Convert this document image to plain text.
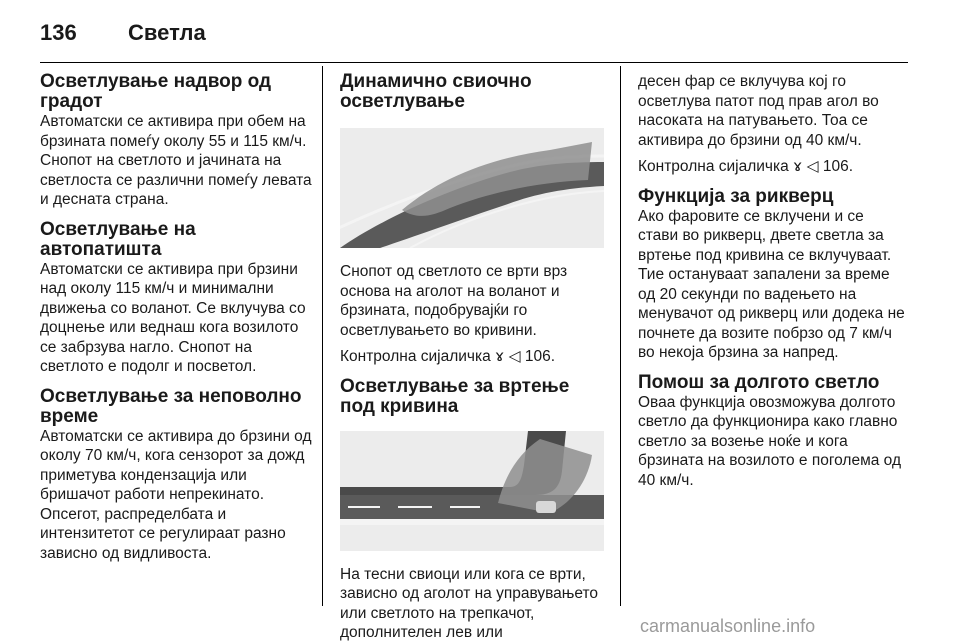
136 Светла
Осветлување надвор од градот

Автоматски се активира при обем на брзината помеѓу околу 55 и 115 км/ч. Снопот на светлото и јачината на светлоста се различни помеѓу левата и десната страна.

Осветлување на автопатишта

Автоматски се активира при брзини над околу 115 км/ч и минимални движења со воланот. Се вклучува со доцнење или веднаш кога возилото се забрзува нагло. Снопот на светлото е подолг и посветол.

Осветлување за неповолно време

Автоматски се активира до брзини од околу 70 км/ч, кога сензорот за дожд приметува кондензација или бришачот работи непрекинато. Опсегот, распределбата и интензитетот се регулираат разно зависно од видливоста.

Динамично свиочно осветлување

Снопот од светлото се врти врз основа на аголот на воланот и брзината, подобрувајќи го осветлувањето во кривини.

Контролна сијаличка ɤ ◁ 106.

Осветлување за вртење под кривина

На тесни свиоци или кога се врти, зависно од аголот на управувањето или светлото на трепкачот, дополнителен лев или

десен фар се вклучува кој го осветлува патот под прав агол во насоката на патувањето. Тоа се активира до брзини од 40 км/ч.

Контролна сијаличка ɤ ◁ 106.

Функција за рикверц

Ако фаровите се вклучени и се стави во рикверц, двете светла за вртење под кривина се вклучуваат. Тие остануваат запалени за време од 20 секунди по вадењето на менувачот од рикверц или додека не почнете да возите побрзо од 7 км/ч во некоја брзина за напред.

Помош за долгото светло

Оваа функција овозможува долгото светло да функционира како главно светло за возење ноќе и кога брзината на возилото е поголема од 40 км/ч.

carmanualsonline.info
